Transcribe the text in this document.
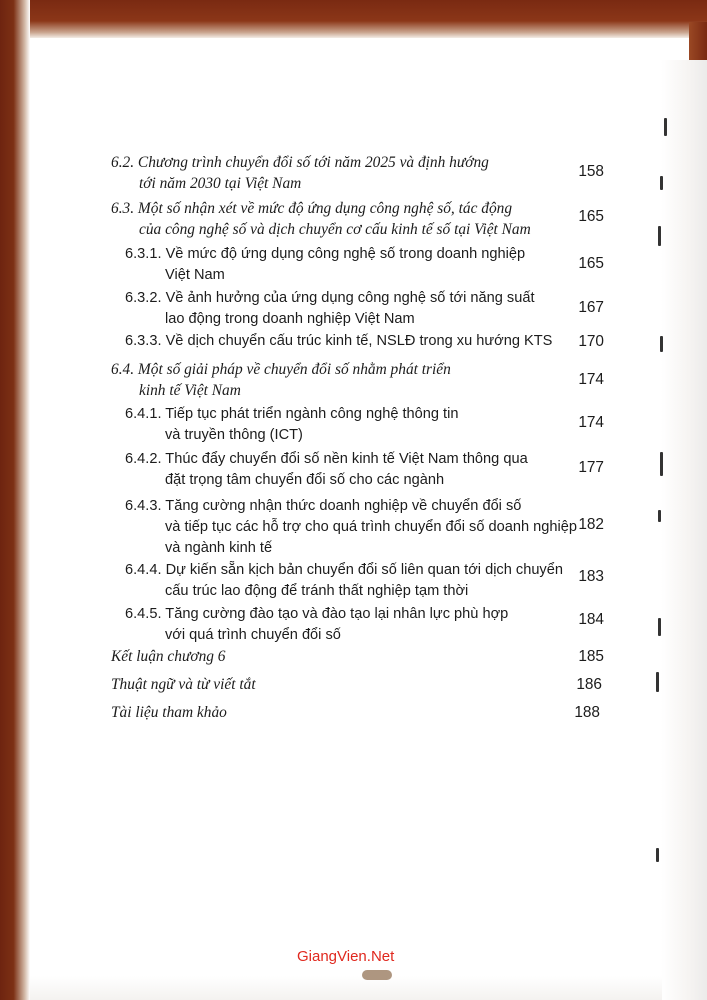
6.2. Chương trình chuyển đổi số tới năm 2025 và định hướng
tới năm 2030 tại Việt Nam
158
6.3. Một số nhận xét về mức độ ứng dụng công nghệ số, tác động
của công nghệ số và dịch chuyển cơ cấu kinh tế số tại Việt Nam
165
6.3.1. Về mức độ ứng dụng công nghệ số trong doanh nghiệp
Việt Nam
165
6.3.2. Về ảnh hưởng của ứng dụng công nghệ số tới năng suất
lao động trong doanh nghiệp Việt Nam
167
6.3.3. Về dịch chuyển cấu trúc kinh tế, NSLĐ trong xu hướng KTS 170
6.4. Một số giải pháp về chuyển đổi số nhằm phát triển
kinh tế Việt Nam
174
6.4.1. Tiếp tục phát triển ngành công nghệ thông tin
và truyền thông (ICT)
174
6.4.2. Thúc đẩy chuyển đổi số nền kinh tế Việt Nam thông qua
đặt trọng tâm chuyển đổi số cho các ngành
177
6.4.3. Tăng cường nhận thức doanh nghiệp về chuyển đổi số
và tiếp tục các hỗ trợ cho quá trình chuyển đổi số doanh nghiệp
và ngành kinh tế
182
6.4.4. Dự kiến sẵn kịch bản chuyển đổi số liên quan tới dịch chuyển
cấu trúc lao động để tránh thất nghiệp tạm thời
183
6.4.5. Tăng cường đào tạo và đào tạo lại nhân lực phù hợp
với quá trình chuyển đổi số
184
Kết luận chương 6	185
Thuật ngữ và từ viết tắt	186
Tài liệu tham khảo	188
GiangVien.Net
